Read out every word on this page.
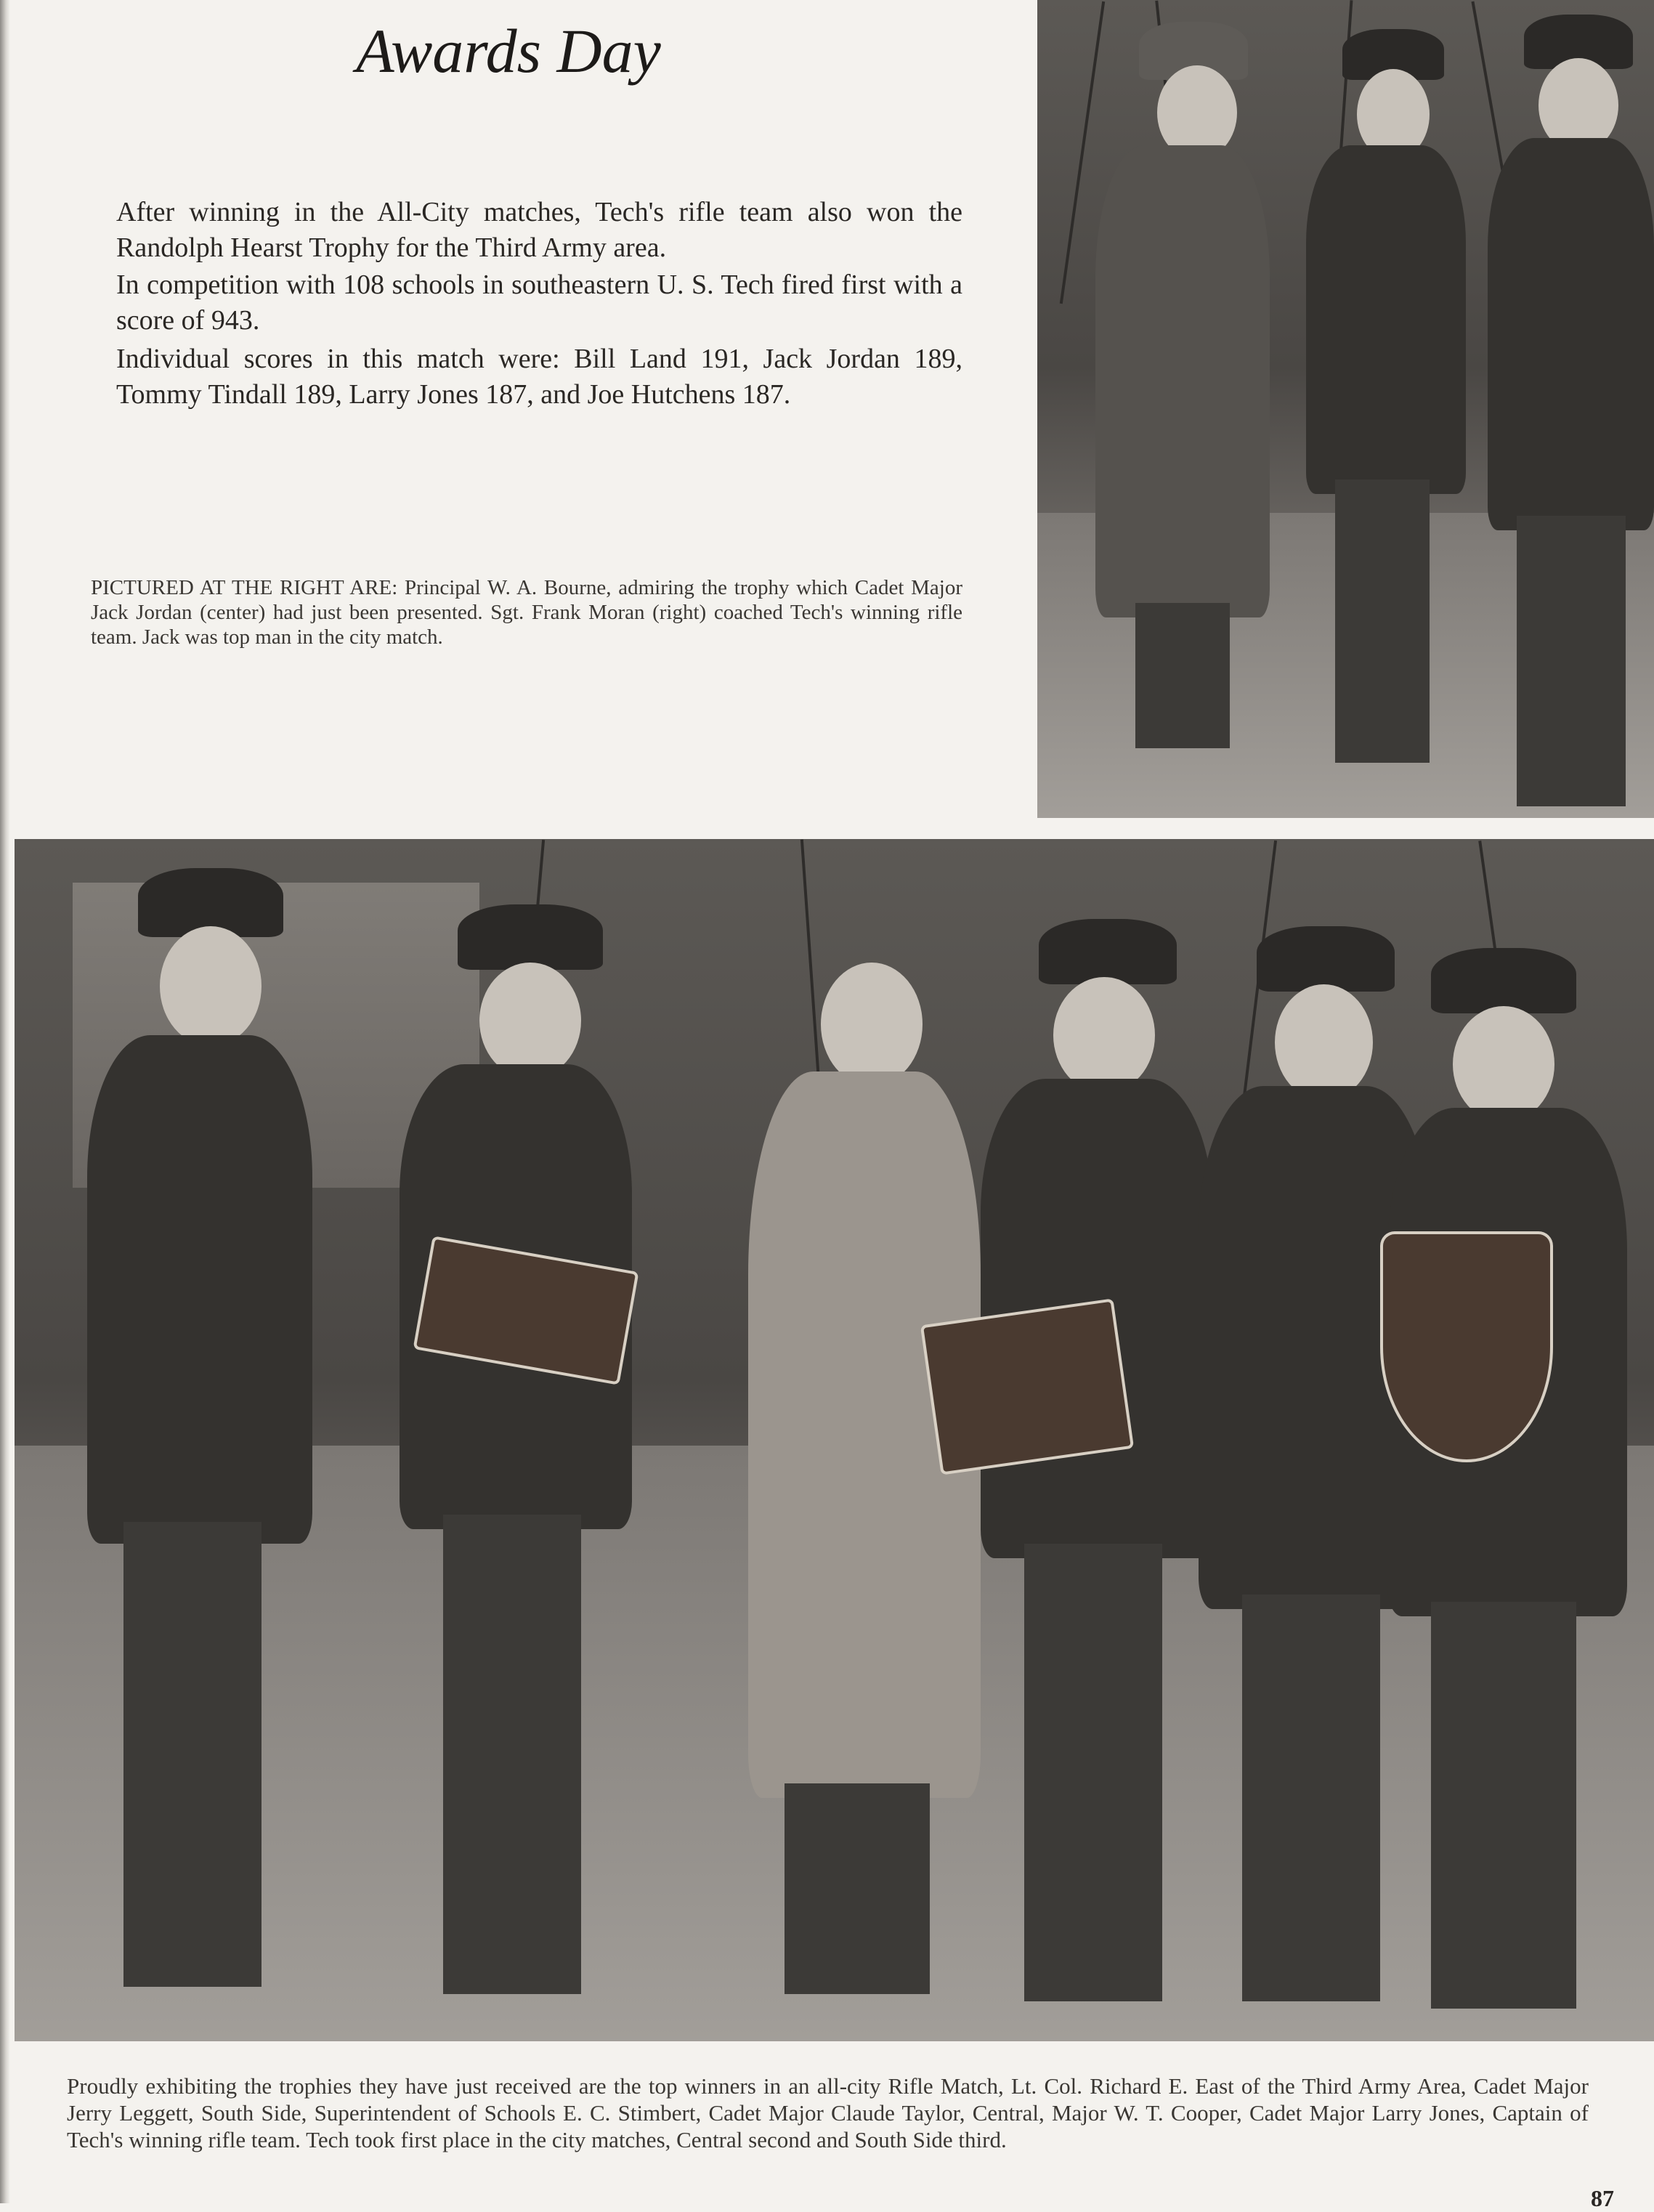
Awards Day
After winning in the All-City matches, Tech's rifle team also won the Randolph Hearst Trophy for the Third Army area.
In competition with 108 schools in southeastern U. S. Tech fired first with a score of 943.
Individual scores in this match were: Bill Land 191, Jack Jordan 189, Tommy Tindall 189, Larry Jones 187, and Joe Hutchens 187.
PICTURED AT THE RIGHT ARE: Principal W. A. Bourne, admiring the trophy which Cadet Major Jack Jordan (center) had just been presented. Sgt. Frank Moran (right) coached Tech's winning rifle team. Jack was top man in the city match.
Proudly exhibiting the trophies they have just received are the top winners in an all-city Rifle Match, Lt. Col. Richard E. East of the Third Army Area, Cadet Major Jerry Leggett, South Side, Superintendent of Schools E. C. Stimbert, Cadet Major Claude Taylor, Central, Major W. T. Cooper, Cadet Major Larry Jones, Captain of Tech's winning rifle team. Tech took first place in the city matches, Central second and South Side third.
87
